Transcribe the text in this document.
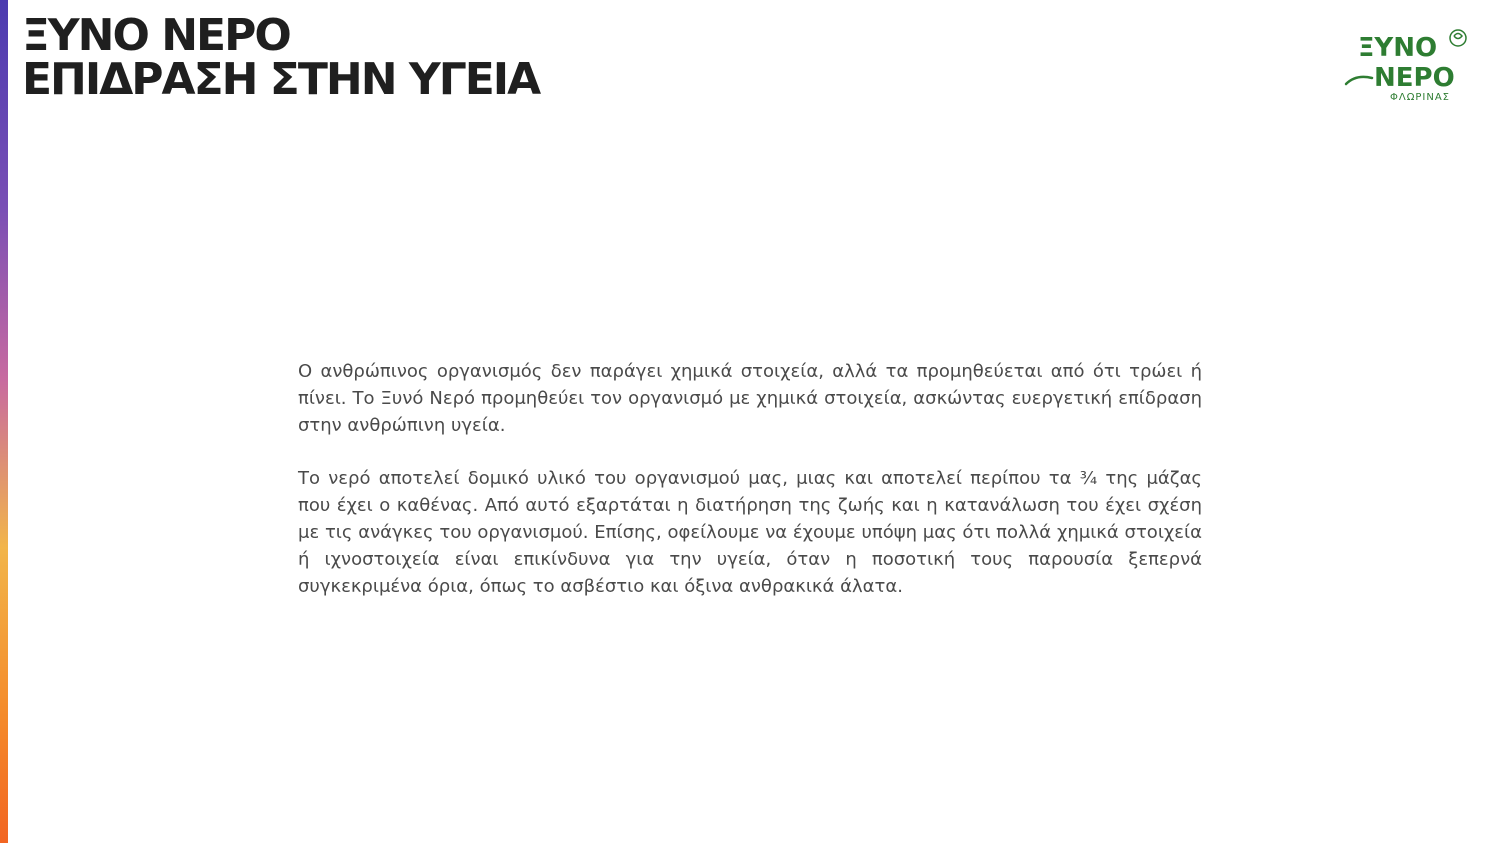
ΞΥΝΟ ΝΕΡΟ
ΕΠΙΔΡΑΣΗ ΣΤΗΝ ΥΓΕΙΑ
ΞΥΝΟ
ΝΕΡΟ
ΦΛΩΡΙΝΑΣ

Ο ανθρώπινος οργανισμός δεν παράγει χημικά στοιχεία, αλλά τα προμηθεύεται από ότι τρώει ή πίνει. Το Ξυνό Νερό προμηθεύει τον οργανισμό με χημικά στοιχεία, ασκώντας ευεργετική επίδραση στην ανθρώπινη υγεία.

Το νερό αποτελεί δομικό υλικό του οργανισμού μας, μιας και αποτελεί περίπου τα ¾ της μάζας που έχει ο καθένας. Από αυτό εξαρτάται η διατήρηση της ζωής και η κατανάλωση του έχει σχέση με τις ανάγκες του οργανισμού. Επίσης, οφείλουμε να έχουμε υπόψη μας ότι πολλά χημικά στοιχεία ή ιχνοστοιχεία είναι επικίνδυνα για την υγεία, όταν η ποσοτική τους παρουσία ξεπερνά συγκεκριμένα όρια, όπως το ασβέστιο και όξινα ανθρακικά άλατα.
